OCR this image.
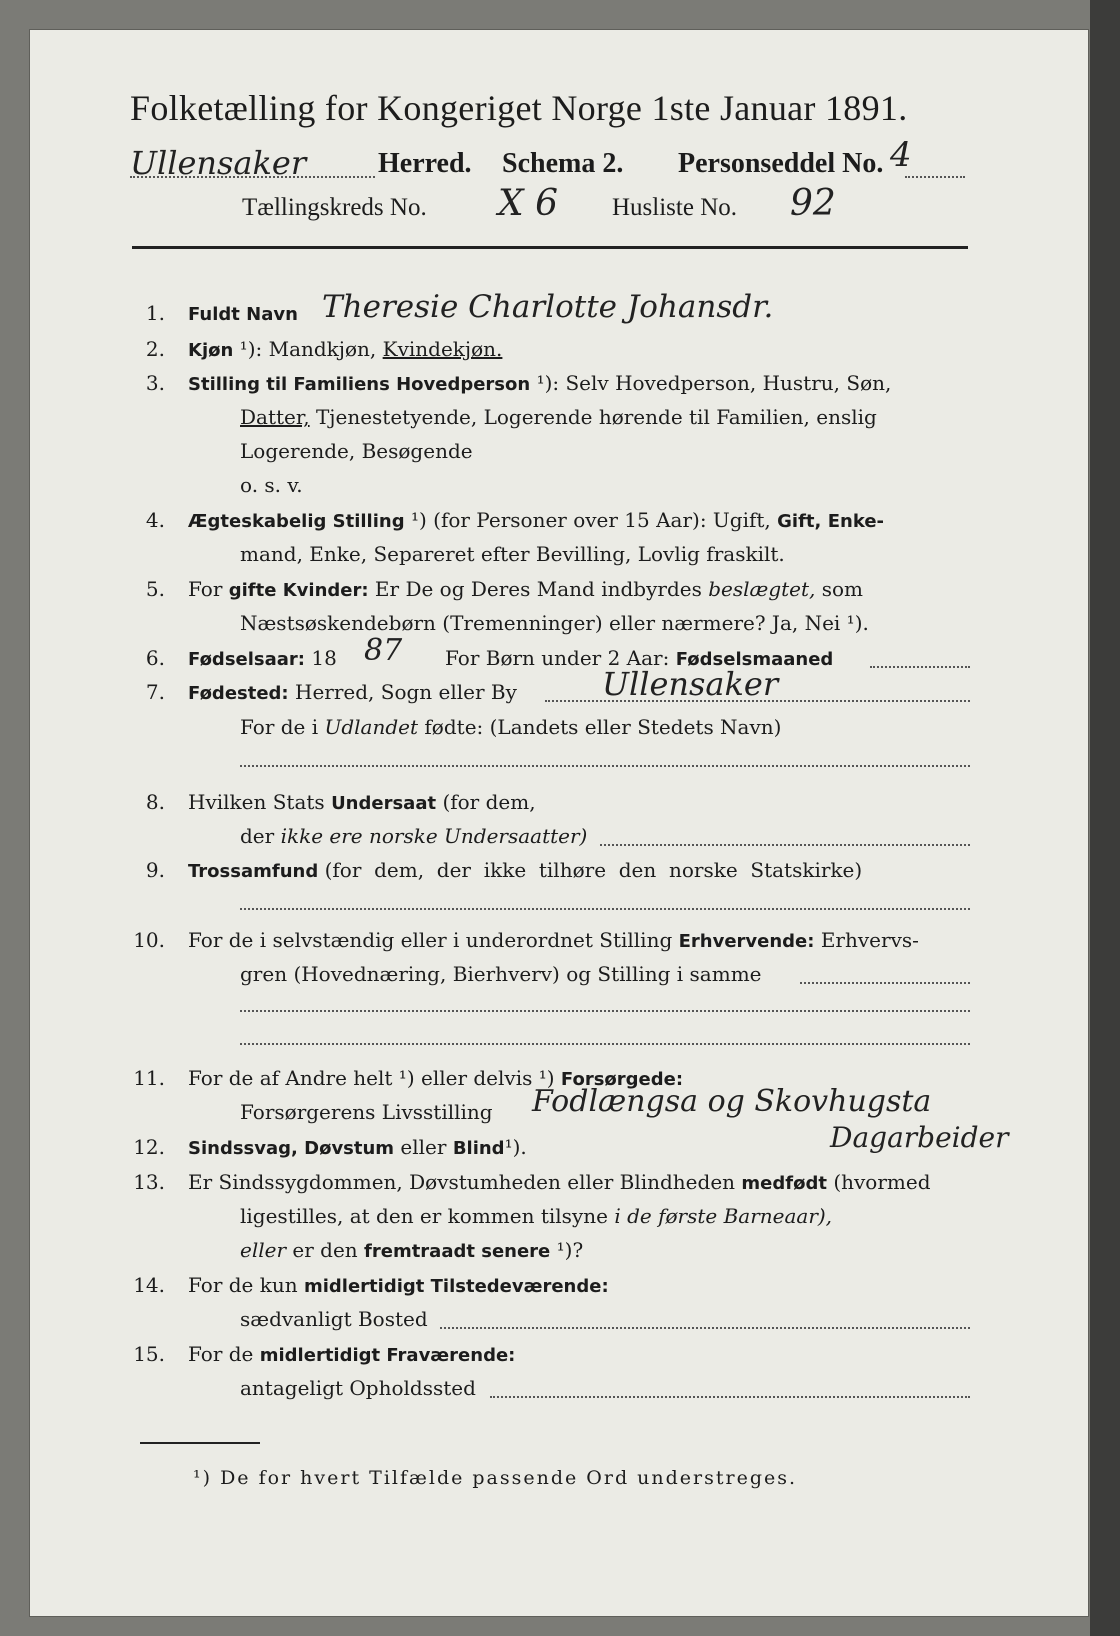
Folketælling for Kongeriget Norge 1ste Januar 1891.
Ullensaker	Herred. Schema 2. Personseddel No. 4
Tællingskreds No. X 6 Husliste No. 92
1. Fuldt Navn Theresie Charlotte Johansdr.
2. Kjøn ¹): Mandkjøn, Kvindekjøn.
3. Stilling til Familiens Hovedperson ¹): Selv Hovedperson, Hustru, Søn,
Datter, Tjenestetyende, Logerende hørende til Familien, enslig
Logerende, Besøgende
o. s. v.
4. Ægteskabelig Stilling ¹) (for Personer over 15 Aar): Ugift, Gift, Enke-
mand, Enke, Separeret efter Bevilling, Lovlig fraskilt.
5. For gifte Kvinder: Er De og Deres Mand indbyrdes beslægtet, som
Næstsøskendebørn (Tremenninger) eller nærmere? Ja, Nei ¹).
6. Fødselsaar: 18 87 For Børn under 2 Aar: Fødselsmaaned
7. Fødested: Herred, Sogn eller By	Ullensaker
For de i Udlandet fødte: (Landets eller Stedets Navn)
8. Hvilken Stats Undersaat (for dem,
der ikke ere norske Undersaatter)
9. Trossamfund (for  dem,  der  ikke  tilhøre  den  norske  Statskirke)
10. For de i selvstændig eller i underordnet Stilling Erhvervende: Erhvervs-
gren (Hovednæring, Bierhverv) og Stilling i samme
11. For de af Andre helt ¹) eller delvis ¹) Forsørgede:
Forsørgerens Livsstilling Fodlængsa og Skovhugsta
Dagarbeider
12. Sindssvag, Døvstum eller Blind¹).
13. Er Sindssygdommen, Døvstumheden eller Blindheden medfødt (hvormed
ligestilles, at den er kommen tilsyne i de første Barneaar),
eller er den fremtraadt senere ¹)?
14. For de kun midlertidigt Tilstedeværende:
sædvanligt Bosted
15. For de midlertidigt Fraværende:
antageligt Opholdssted
¹) De for hvert Tilfælde passende Ord understreges.
